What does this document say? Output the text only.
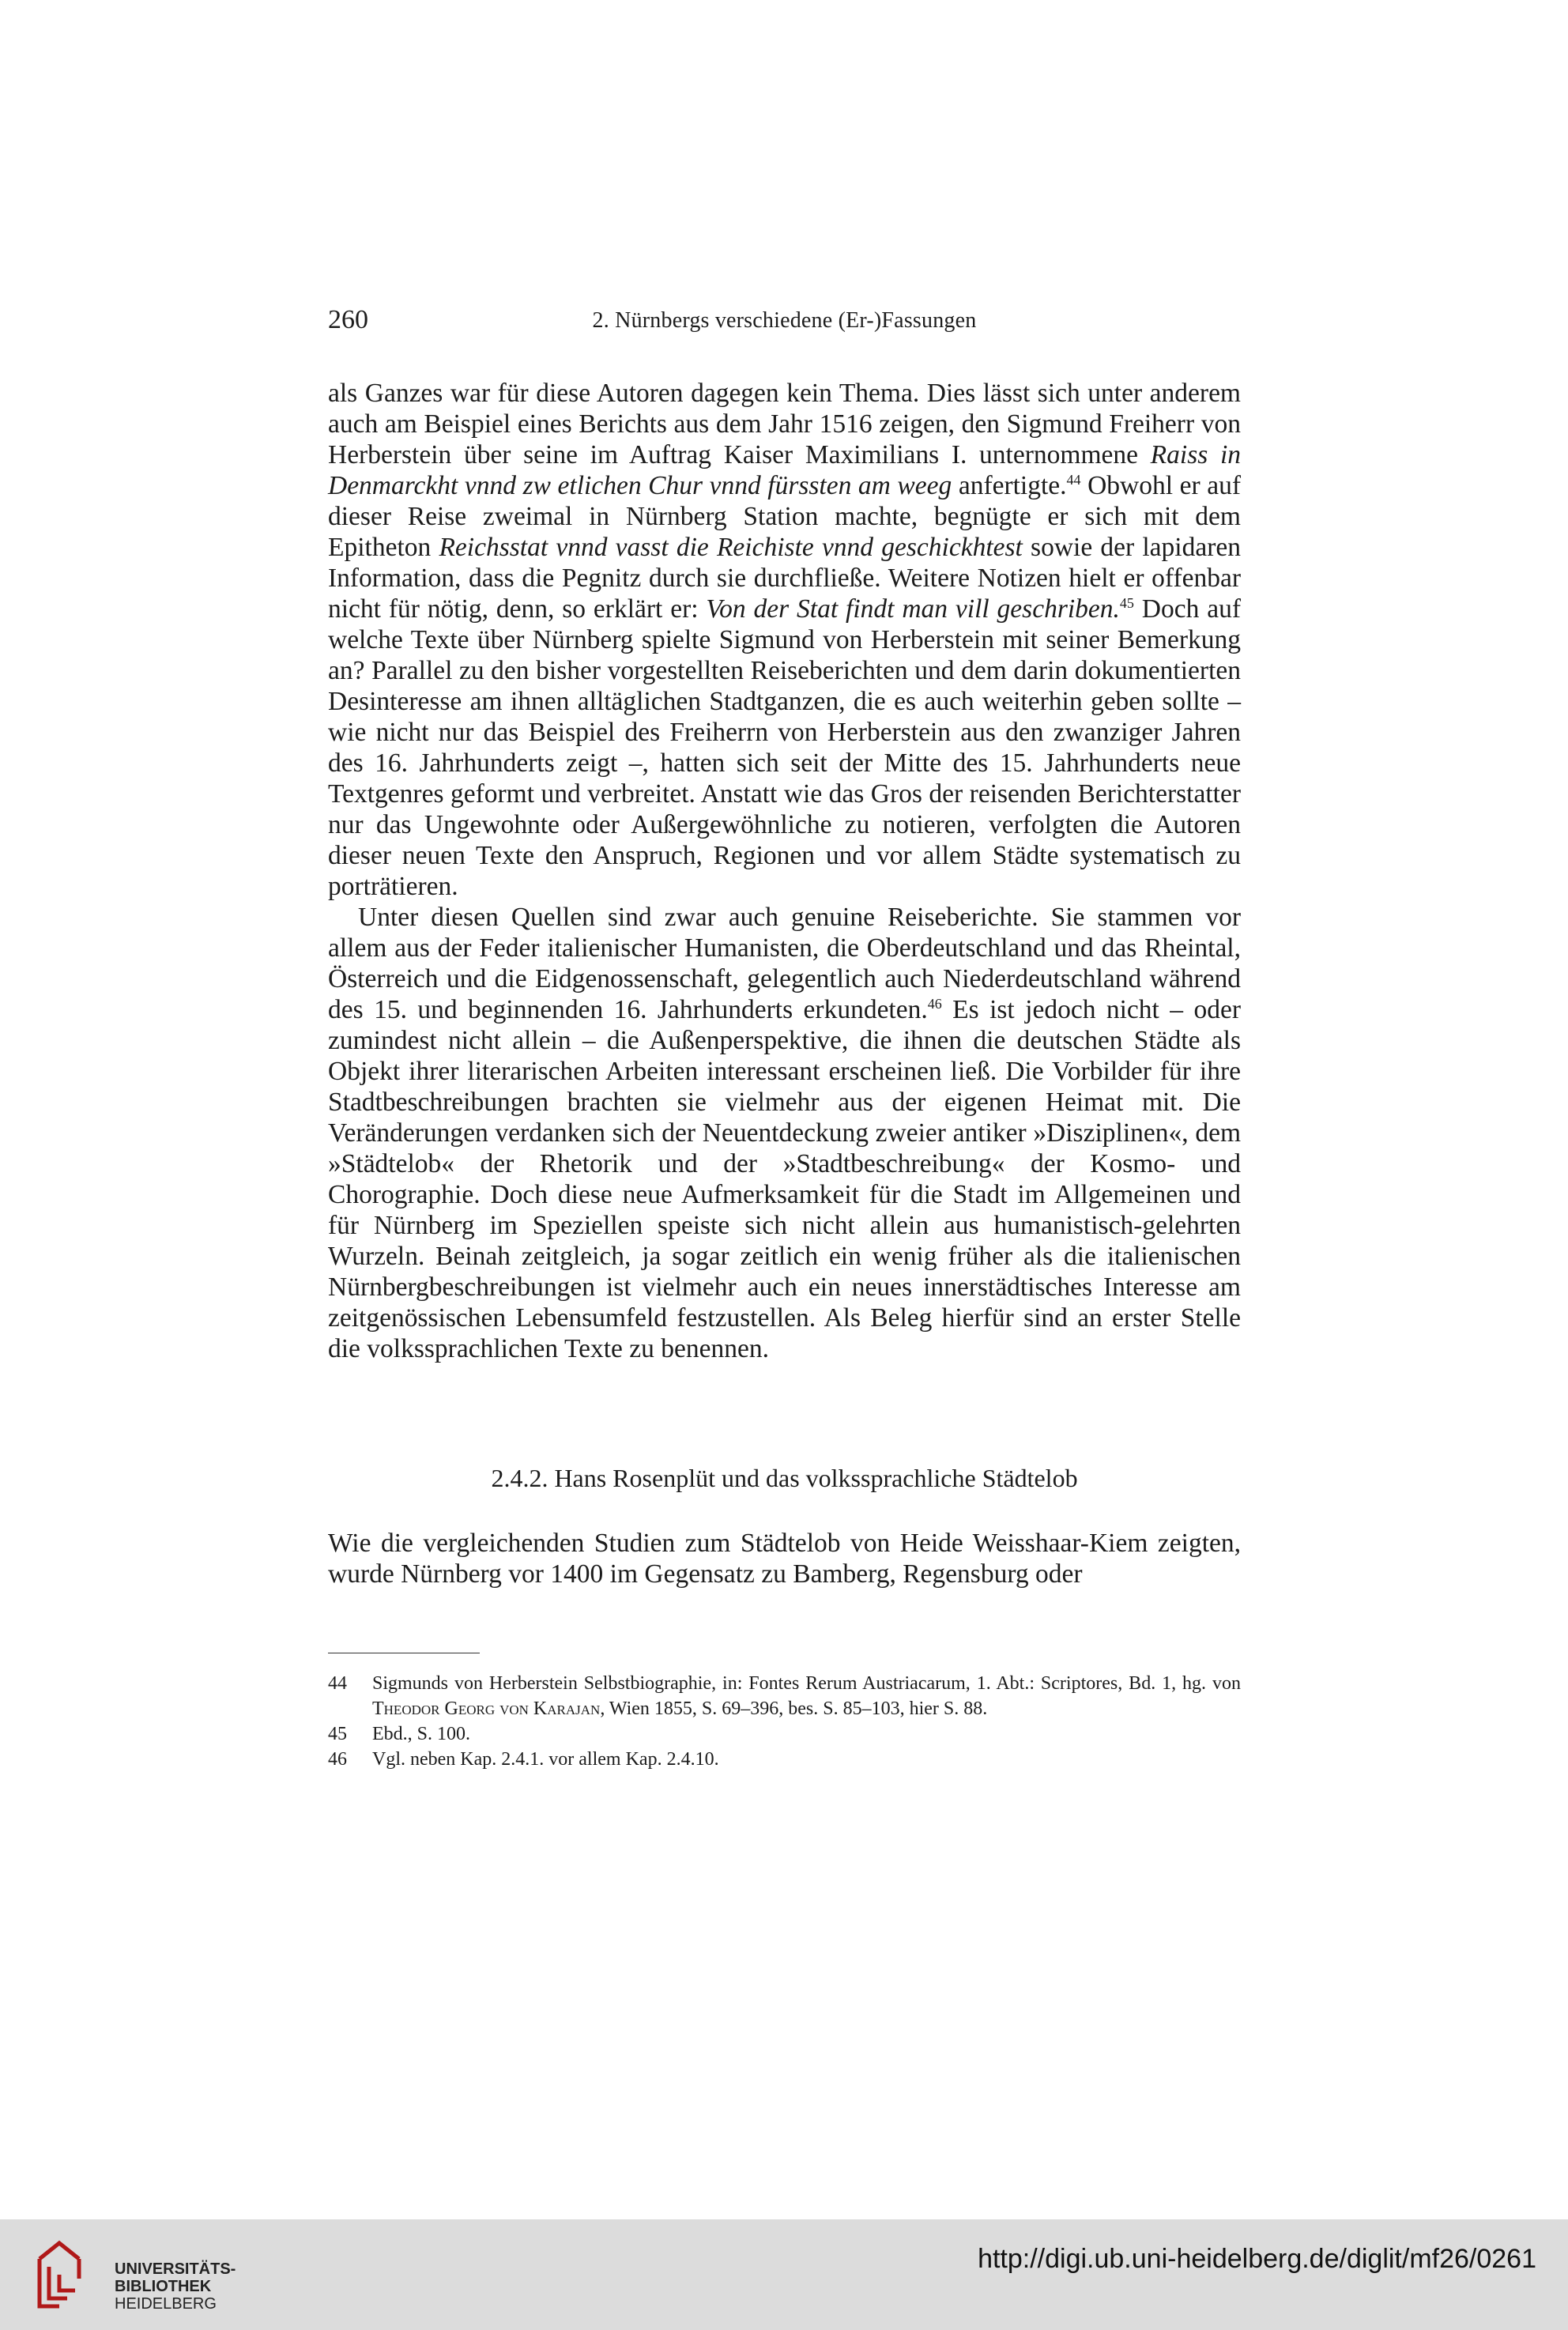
260	2. Nürnbergs verschiedene (Er-)Fassungen

als Ganzes war für diese Autoren dagegen kein Thema. Dies lässt sich unter anderem auch am Beispiel eines Berichts aus dem Jahr 1516 zeigen, den Sigmund Freiherr von Herberstein über seine im Auftrag Kaiser Maximilians I. unternommene Raiss in Denmarckht vnnd zw etlichen Chur vnnd fürssten am weeg anfertigte.$^{44}$ Obwohl er auf dieser Reise zweimal in Nürnberg Station machte, begnügte er sich mit dem Epitheton Reichsstat vnnd vasst die Reichiste vnnd geschickhtest sowie der lapidaren Information, dass die Pegnitz durch sie durchfließe. Weitere Notizen hielt er offenbar nicht für nötig, denn, so erklärt er: Von der Stat findt man vill geschriben.$^{45}$ Doch auf welche Texte über Nürnberg spielte Sigmund von Herberstein mit seiner Bemerkung an? Parallel zu den bisher vorgestellten Reiseberichten und dem darin dokumentierten Desinteresse am ihnen alltäglichen Stadtganzen, die es auch weiterhin geben sollte – wie nicht nur das Beispiel des Freiherrn von Herberstein aus den zwanziger Jahren des 16. Jahrhunderts zeigt –, hatten sich seit der Mitte des 15. Jahrhunderts neue Textgenres geformt und verbreitet. Anstatt wie das Gros der reisenden Berichterstatter nur das Ungewohnte oder Außergewöhnliche zu notieren, verfolgten die Autoren dieser neuen Texte den Anspruch, Regionen und vor allem Städte systematisch zu porträtieren.

Unter diesen Quellen sind zwar auch genuine Reiseberichte. Sie stammen vor allem aus der Feder italienischer Humanisten, die Oberdeutschland und das Rheintal, Österreich und die Eidgenossenschaft, gelegentlich auch Niederdeutschland während des 15. und beginnenden 16. Jahrhunderts erkundeten.$^{46}$ Es ist jedoch nicht – oder zumindest nicht allein – die Außenperspektive, die ihnen die deutschen Städte als Objekt ihrer literarischen Arbeiten interessant erscheinen ließ. Die Vorbilder für ihre Stadtbeschreibungen brachten sie vielmehr aus der eigenen Heimat mit. Die Veränderungen verdanken sich der Neuentdeckung zweier antiker »Disziplinen«, dem »Städtelob« der Rhetorik und der »Stadtbeschreibung« der Kosmo- und Chorographie. Doch diese neue Aufmerksamkeit für die Stadt im Allgemeinen und für Nürnberg im Speziellen speiste sich nicht allein aus humanistisch-gelehrten Wurzeln. Beinah zeitgleich, ja sogar zeitlich ein wenig früher als die italienischen Nürnbergbeschreibungen ist vielmehr auch ein neues innerstädtisches Interesse am zeitgenössischen Lebensumfeld festzustellen. Als Beleg hierfür sind an erster Stelle die volkssprachlichen Texte zu benennen.

2.4.2. Hans Rosenplüt und das volkssprachliche Städtelob

Wie die vergleichenden Studien zum Städtelob von Heide Weisshaar-Kiem zeigten, wurde Nürnberg vor 1400 im Gegensatz zu Bamberg, Regensburg oder

44	Sigmunds von Herberstein Selbstbiographie, in: Fontes Rerum Austriacarum, 1. Abt.: Scriptores, Bd. 1, hg. von Theodor Georg von Karajan, Wien 1855, S. 69–396, bes. S. 85–103, hier S. 88.
45	Ebd., S. 100.
46	Vgl. neben Kap. 2.4.1. vor allem Kap. 2.4.10.
UNIVERSITÄTS-
BIBLIOTHEK
HEIDELBERG
http://digi.ub.uni-heidelberg.de/diglit/mf26/0261
